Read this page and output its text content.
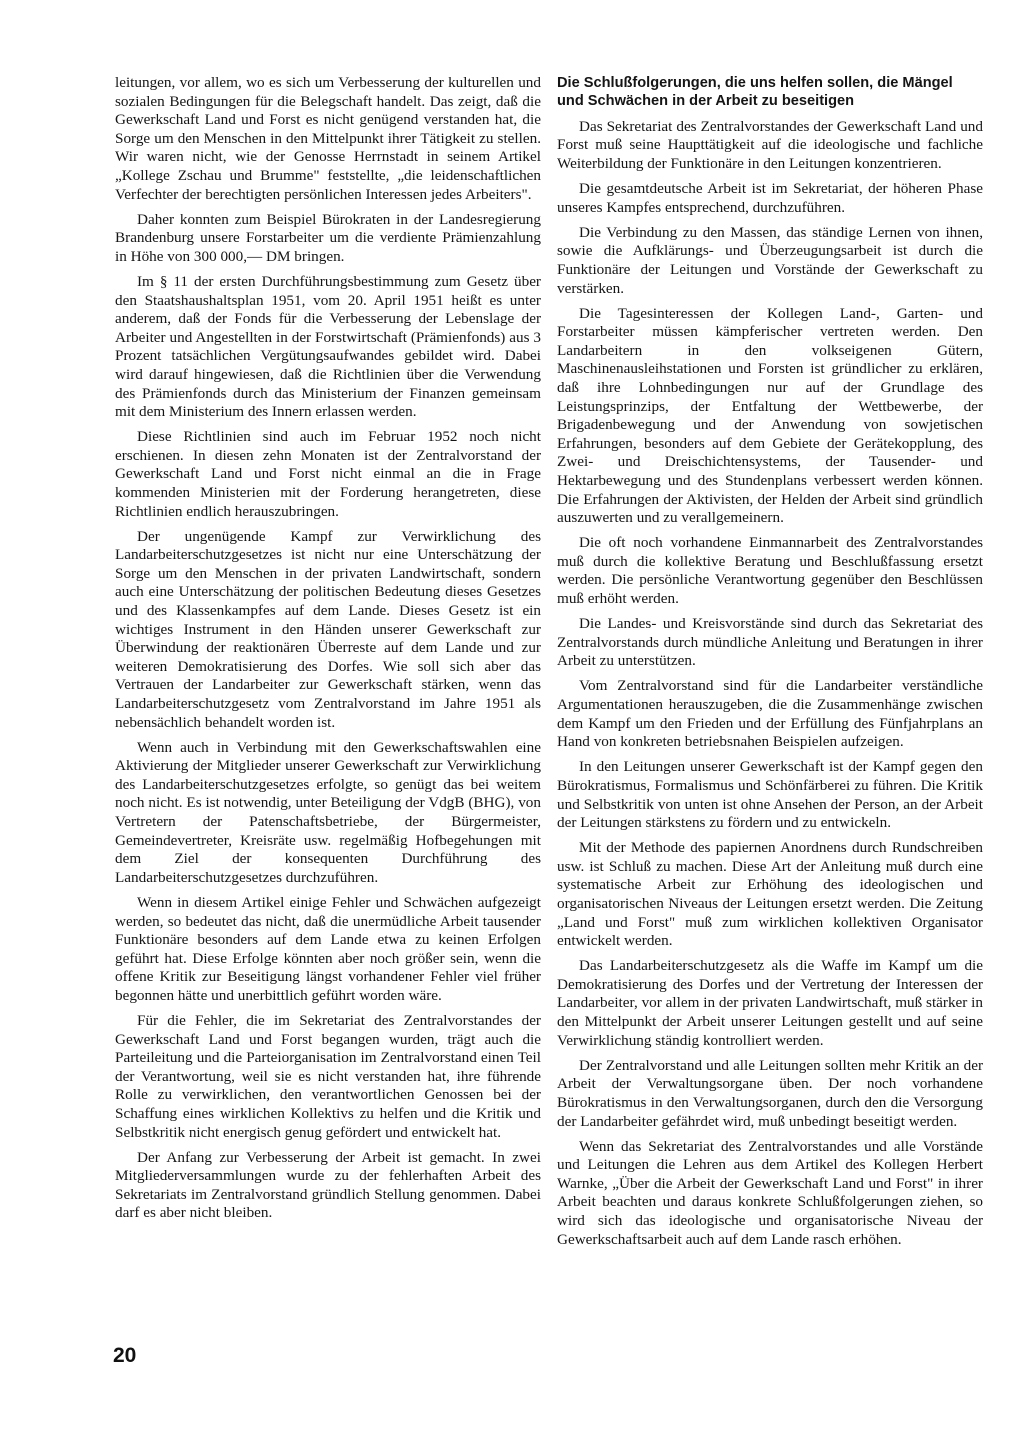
leitungen, vor allem, wo es sich um Verbesserung der kulturellen und sozialen Bedingungen für die Belegschaft handelt. Das zeigt, daß die Gewerkschaft Land und Forst es nicht genügend verstanden hat, die Sorge um den Menschen in den Mittelpunkt ihrer Tätigkeit zu stellen. Wir waren nicht, wie der Genosse Herrnstadt in seinem Artikel „Kollege Zschau und Brumme" feststellte, „die leidenschaftlichen Verfechter der berechtigten persönlichen Interessen jedes Arbeiters".

Daher konnten zum Beispiel Bürokraten in der Landesregierung Brandenburg unsere Forstarbeiter um die verdiente Prämienzahlung in Höhe von 300 000,— DM bringen.

Im § 11 der ersten Durchführungsbestimmung zum Gesetz über den Staatshaushaltsplan 1951, vom 20. April 1951 heißt es unter anderem, daß der Fonds für die Verbesserung der Lebenslage der Arbeiter und Angestellten in der Forstwirtschaft (Prämienfonds) aus 3 Prozent tatsächlichen Vergütungsaufwandes gebildet wird. Dabei wird darauf hingewiesen, daß die Richtlinien über die Verwendung des Prämienfonds durch das Ministerium der Finanzen gemeinsam mit dem Ministerium des Innern erlassen werden.

Diese Richtlinien sind auch im Februar 1952 noch nicht erschienen. In diesen zehn Monaten ist der Zentralvorstand der Gewerkschaft Land und Forst nicht einmal an die in Frage kommenden Ministerien mit der Forderung herangetreten, diese Richtlinien endlich herauszubringen.

Der ungenügende Kampf zur Verwirklichung des Landarbeiterschutzgesetzes ist nicht nur eine Unterschätzung der Sorge um den Menschen in der privaten Landwirtschaft, sondern auch eine Unterschätzung der politischen Bedeutung dieses Gesetzes und des Klassenkampfes auf dem Lande. Dieses Gesetz ist ein wichtiges Instrument in den Händen unserer Gewerkschaft zur Überwindung der reaktionären Überreste auf dem Lande und zur weiteren Demokratisierung des Dorfes. Wie soll sich aber das Vertrauen der Landarbeiter zur Gewerkschaft stärken, wenn das Landarbeiterschutzgesetz vom Zentralvorstand im Jahre 1951 als nebensächlich behandelt worden ist.

Wenn auch in Verbindung mit den Gewerkschaftswahlen eine Aktivierung der Mitglieder unserer Gewerkschaft zur Verwirklichung des Landarbeiterschutzgesetzes erfolgte, so genügt das bei weitem noch nicht. Es ist notwendig, unter Beteiligung der VdgB (BHG), von Vertretern der Patenschaftsbetriebe, der Bürgermeister, Gemeindevertreter, Kreisräte usw. regelmäßig Hofbegehungen mit dem Ziel der konsequenten Durchführung des Landarbeiterschutzgesetzes durchzuführen.

Wenn in diesem Artikel einige Fehler und Schwächen aufgezeigt werden, so bedeutet das nicht, daß die unermüdliche Arbeit tausender Funktionäre besonders auf dem Lande etwa zu keinen Erfolgen geführt hat. Diese Erfolge könnten aber noch größer sein, wenn die offene Kritik zur Beseitigung längst vorhandener Fehler viel früher begonnen hätte und unerbittlich geführt worden wäre.

Für die Fehler, die im Sekretariat des Zentralvorstandes der Gewerkschaft Land und Forst begangen wurden, trägt auch die Parteileitung und die Parteiorganisation im Zentralvorstand einen Teil der Verantwortung, weil sie es nicht verstanden hat, ihre führende Rolle zu verwirklichen, den verantwortlichen Genossen bei der Schaffung eines wirklichen Kollektivs zu helfen und die Kritik und Selbstkritik nicht energisch genug gefördert und entwickelt hat.

Der Anfang zur Verbesserung der Arbeit ist gemacht. In zwei Mitgliederversammlungen wurde zu der fehlerhaften Arbeit des Sekretariats im Zentralvorstand gründlich Stellung genommen. Dabei darf es aber nicht bleiben.

Die Schlußfolgerungen, die uns helfen sollen, die Mängel und Schwächen in der Arbeit zu beseitigen

Das Sekretariat des Zentralvorstandes der Gewerkschaft Land und Forst muß seine Haupttätigkeit auf die ideologische und fachliche Weiterbildung der Funktionäre in den Leitungen konzentrieren.

Die gesamtdeutsche Arbeit ist im Sekretariat, der höheren Phase unseres Kampfes entsprechend, durchzuführen.

Die Verbindung zu den Massen, das ständige Lernen von ihnen, sowie die Aufklärungs- und Überzeugungsarbeit ist durch die Funktionäre der Leitungen und Vorstände der Gewerkschaft zu verstärken.

Die Tagesinteressen der Kollegen Land-, Garten- und Forstarbeiter müssen kämpferischer vertreten werden. Den Landarbeitern in den volkseigenen Gütern, Maschinenausleihstationen und Forsten ist gründlicher zu erklären, daß ihre Lohnbedingungen nur auf der Grundlage des Leistungsprinzips, der Entfaltung der Wettbewerbe, der Brigadenbewegung und der Anwendung von sowjetischen Erfahrungen, besonders auf dem Gebiete der Gerätekopplung, des Zwei- und Dreischichtensystems, der Tausender- und Hektarbewegung und des Stundenplans verbessert werden können. Die Erfahrungen der Aktivisten, der Helden der Arbeit sind gründlich auszuwerten und zu verallgemeinern.

Die oft noch vorhandene Einmannarbeit des Zentralvorstandes muß durch die kollektive Beratung und Beschlußfassung ersetzt werden. Die persönliche Verantwortung gegenüber den Beschlüssen muß erhöht werden.

Die Landes- und Kreisvorstände sind durch das Sekretariat des Zentralvorstands durch mündliche Anleitung und Beratungen in ihrer Arbeit zu unterstützen.

Vom Zentralvorstand sind für die Landarbeiter verständliche Argumentationen herauszugeben, die die Zusammenhänge zwischen dem Kampf um den Frieden und der Erfüllung des Fünfjahrplans an Hand von konkreten betriebsnahen Beispielen aufzeigen.

In den Leitungen unserer Gewerkschaft ist der Kampf gegen den Bürokratismus, Formalismus und Schönfärberei zu führen. Die Kritik und Selbstkritik von unten ist ohne Ansehen der Person, an der Arbeit der Leitungen stärkstens zu fördern und zu entwickeln.

Mit der Methode des papiernen Anordnens durch Rundschreiben usw. ist Schluß zu machen. Diese Art der Anleitung muß durch eine systematische Arbeit zur Erhöhung des ideologischen und organisatorischen Niveaus der Leitungen ersetzt werden. Die Zeitung „Land und Forst" muß zum wirklichen kollektiven Organisator entwickelt werden.

Das Landarbeiterschutzgesetz als die Waffe im Kampf um die Demokratisierung des Dorfes und der Vertretung der Interessen der Landarbeiter, vor allem in der privaten Landwirtschaft, muß stärker in den Mittelpunkt der Arbeit unserer Leitungen gestellt und auf seine Verwirklichung ständig kontrolliert werden.

Der Zentralvorstand und alle Leitungen sollten mehr Kritik an der Arbeit der Verwaltungsorgane üben. Der noch vorhandene Bürokratismus in den Verwaltungsorganen, durch den die Versorgung der Landarbeiter gefährdet wird, muß unbedingt beseitigt werden.

Wenn das Sekretariat des Zentralvorstandes und alle Vorstände und Leitungen die Lehren aus dem Artikel des Kollegen Herbert Warnke, „Über die Arbeit der Gewerkschaft Land und Forst" in ihrer Arbeit beachten und daraus konkrete Schlußfolgerungen ziehen, so wird sich das ideologische und organisatorische Niveau der Gewerkschaftsarbeit auch auf dem Lande rasch erhöhen.

20
